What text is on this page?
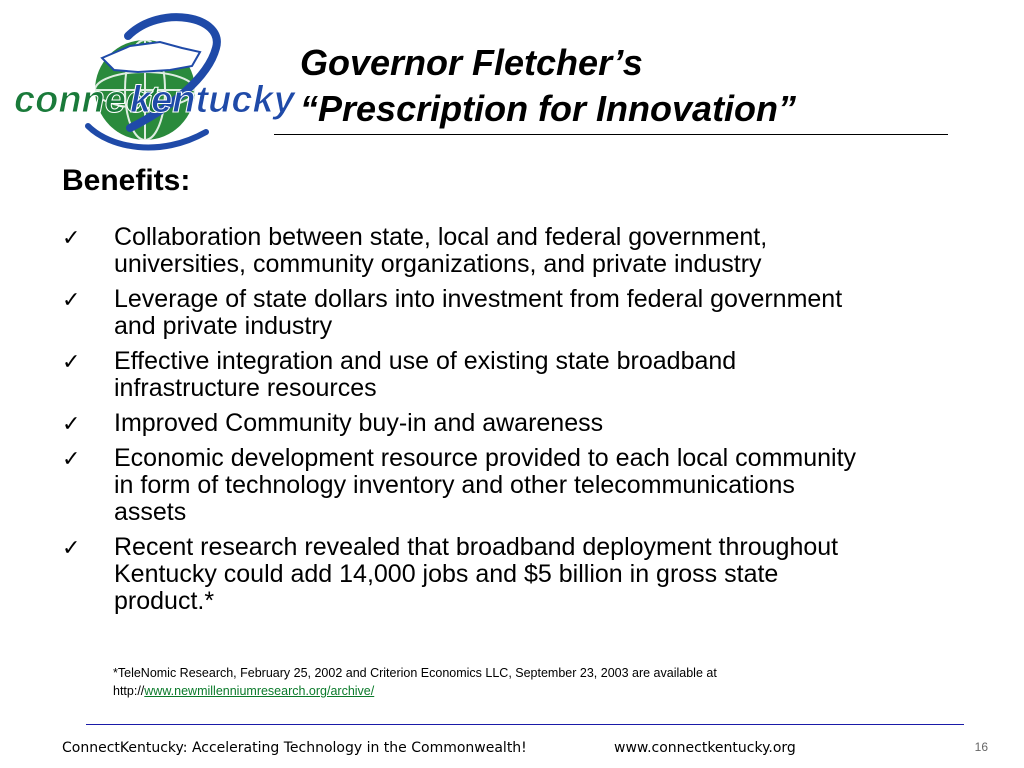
connect
kentucky
Governor Fletcher’s
“Prescription for Innovation”
Benefits:
✓ Collaboration between state, local and federal government,
universities, community organizations, and private industry
✓ Leverage of state dollars into investment from federal government
and private industry
✓ Effective integration and use of existing state broadband
infrastructure resources
✓ Improved Community buy-in and awareness
✓ Economic development resource provided to each local community
in form of technology inventory and other telecommunications
assets
✓ Recent research revealed that broadband deployment throughout
Kentucky could add 14,000 jobs and $5 billion in gross state
product.*
*TeleNomic Research, February 25, 2002 and Criterion Economics LLC, September 23, 2003 are available at
http://www.newmillenniumresearch.org/archive/
ConnectKentucky: Accelerating Technology in the Commonwealth!	www.connectkentucky.org	16
